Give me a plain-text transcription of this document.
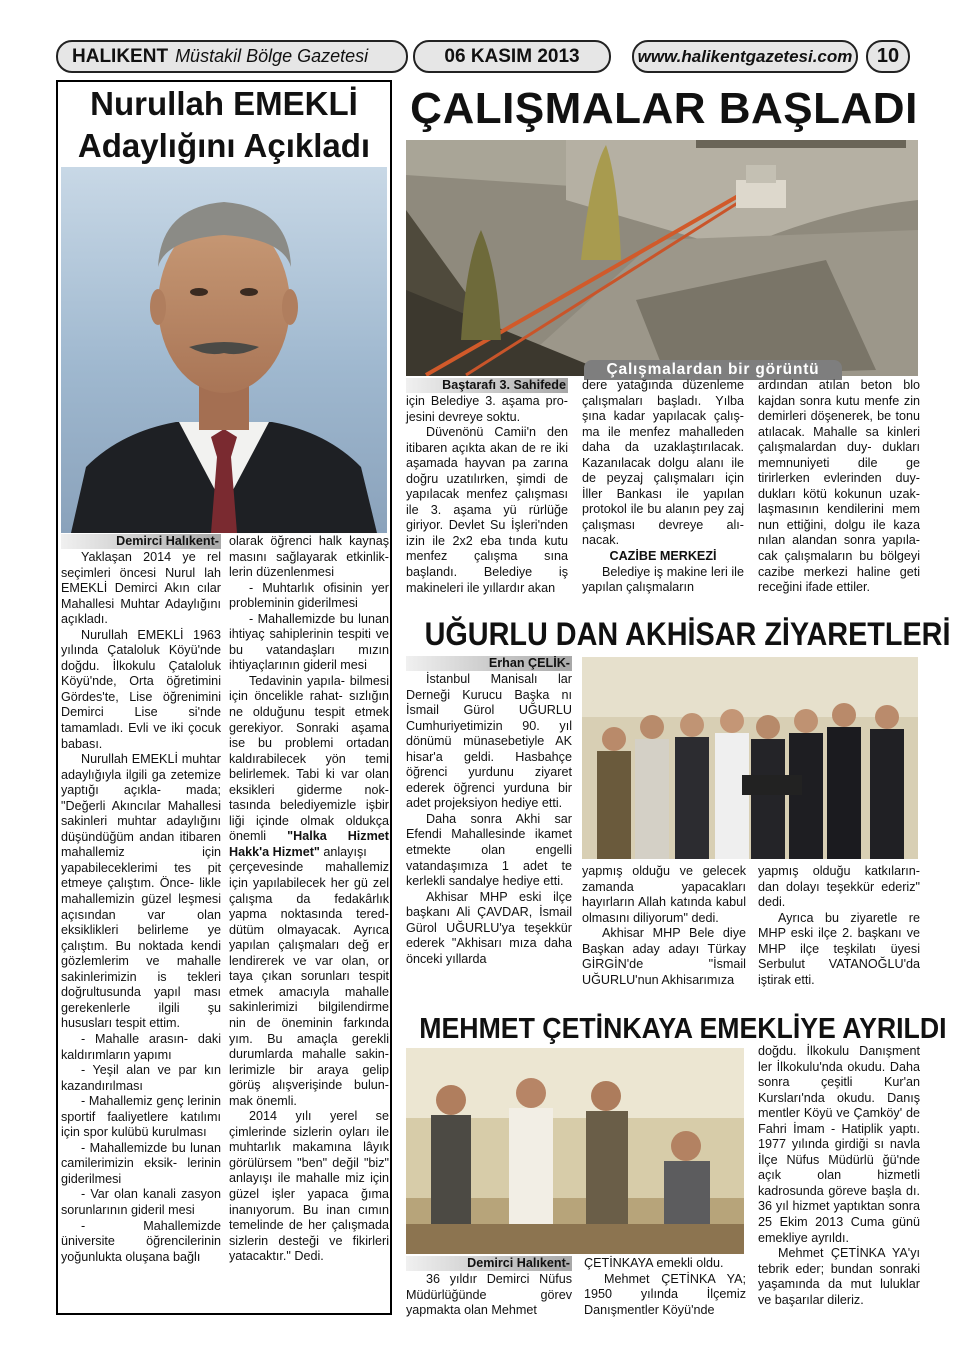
HALIKENT Müstakil Bölge Gazetesi	06 KASIM 2013	www.halikentgazetesi.com 10
Nurullah EMEKLİ
Adaylığını Açıkladı
Demirci Halıkent-

Yaklaşan 2014 ye rel seçimleri öncesi Nurul lah EMEKLİ Demirci Akın cılar Mahallesi Muhtar Adaylığını açıkladı.

Nurullah EMEKLİ 1963 yılında Çataloluk Köyü'nde doğdu. İlkokulu Çataloluk Köyü'nde, Orta öğretimini Gördes'te, Lise öğrenimini Demirci Lise si'nde tamamladı. Evli ve iki çocuk babası.

Nurullah EMEKLİ muhtar adaylığıyla ilgili ga zetemize yaptığı açıkla- mada; "Değerli Akıncılar Mahallesi sakinleri muhtar adaylığını düşündüğüm andan itibaren mahallemiz için yapabileceklerimi tes pit etmeye çalıştım. Önce- likle mahallemizin güzel leşmesi açısından var olan eksiklikleri belirleme ye çalıştım. Bu noktada kendi gözlemlerim ve mahalle sakinlerimizin is tekleri doğrultusunda yapıl ması gerekenlerle ilgili şu hususları tespit ettim.

- Mahalle arasın- daki kaldırımların yapımı

- Yeşil alan ve par kın kazandırılması

- Mahallemiz genç lerinin sportif faaliyetlere katılımı için spor kulübü kurulması

- Mahallemizde bu lunan camilerimizin eksik- lerinin giderilmesi

- Var olan kanali zasyon sorunlarının gideril mesi

- Mahallemizde üniversite öğrencilerinin yoğunlukta oluşana bağlı

olarak öğrenci halk kaynaş masını sağlayarak etkinlik- lerin düzenlenmesi

- Muhtarlık ofisinin yer probleminin giderilmesi

- Mahallemizde bu lunan ihtiyaç sahiplerinin tespiti ve bu vatandaşları mızın ihtiyaçlarının gideril mesi

Tedavinin yapıla- bilmesi için öncelikle rahat- sızlığın ne olduğunu tespit etmek gerekiyor. Sonraki aşama ise bu problemi ortadan kaldırabilecek yön temi belirlemek. Tabi ki var olan eksikleri giderme nok- tasında belediyemizle işbir liği içinde olmak oldukça önemli "Halka Hizmet Hakk'a Hizmet" anlayışı

çerçevesinde mahallemiz için yapılabilecek her gü zel çalışma da fedakârlık yapma noktasında tered- dütüm olmayacak. Ayrıca yapılan çalışmaları değ er lendirerek ve var olan, or taya çıkan sorunları tespit etmek amacıyla mahalle sakinlerimizi bilgilendirme nin de öneminin farkında yım. Bu amaçla gerekli durumlarda mahalle sakin- lerimizle bir araya gelip görüş alışverişinde bulun- mak önemli.

2014 yılı yerel se çimlerinde sizlerin oyları ile muhtarlık makamına lâyık görülürsem "ben" değil "biz" anlayışı ile mahalle miz için güzel işler yapaca ğıma inanıyorum. Bu inan cımın temelinde de her çalışmada sizlerin desteği ve fikirleri yatacaktır." Dedi.

ÇALIŞMALAR BAŞLADI
Çalışmalardan bir görüntü
Baştarafı 3. Sahifede

için Belediye 3. aşama pro- jesini devreye soktu.

Düvenönü Camii'n den itibaren açıkta akan de re iki aşamada hayvan pa zarına doğru uzatılırken, şimdi de yapılacak menfez çalışması ile 3. aşama yü rürlüğe giriyor. Devlet Su İşleri'nden izin ile 2x2 eba tında kutu menfez çalışma sına başlandı. Belediye iş makineleri ile yıllardır akan

dere yatağında düzenleme çalışmaları başladı. Yılba şına kadar yapılacak çalış- ma ile menfez mahalleden daha da uzaklaştırılacak. Kazanılacak dolgu alanı ile de peyzaj çalışmaları için İller Bankası ile yapılan protokol ile bu alanın pey zaj çalışması devreye alı- nacak.

CAZİBE MERKEZİ

Belediye iş makine leri ile yapılan çalışmaların

ardından atılan beton blo kajdan sonra kutu menfe zin demirleri döşenerek, be tonu atılacak. Mahalle sa kinleri çalışmalardan duy- dukları memnuniyeti dile ge tirirlerken evlerinden duy- dukları kötü kokunun uzak- laşmasının kendilerini mem nun ettiğini, dolgu ile kaza nılan alandan sonra yapıla- cak çalışmaların bu bölgeyi cazibe merkezi haline geti receğini ifade ettiler.

UĞURLU DAN AKHİSAR ZİYARETLERİ
Erhan ÇELİK-

İstanbul Manisalı lar Derneği Kurucu Başka nı İsmail Gürol UĞURLU Cumhuriyetimizin 90. yıl dönümü münasebetiyle AK hisar'a geldi. Hasbahçe öğrenci yurdunu ziyaret ederek öğrenci yurduna bir adet projeksiyon hediye etti.

Daha sonra Akhi sar Efendi Mahallesinde ikamet etmekte olan engelli vatandaşımıza 1 adet te kerlekli sandalye hediye etti.

Akhisar MHP eski ilçe başkanı Ali ÇAVDAR, İsmail Gürol UĞURLU'ya teşekkür ederek "Akhisarı mıza daha önceki yıllarda

yapmış olduğu ve gelecek zamanda yapacakları hayırların Allah katında kabul olmasını diliyorum" dedi.

Akhisar MHP Bele diye Başkan aday adayı Türkay GİRGİN'de "İsmail UĞURLU'nun Akhisarımıza

yapmış olduğu katkıların- dan dolayı teşekkür ederiz" dedi.

Ayrıca bu ziyaretle re MHP eski ilçe 2. başkanı ve MHP ilçe teşkilatı üyesi Serbulut VATANOĞLU'da iştirak etti.

MEHMET ÇETİNKAYA EMEKLİYE AYRILDI
Demirci Halıkent-

36 yıldır Demirci Nüfus Müdürlüğünde görev yapmakta olan Mehmet

ÇETİNKAYA emekli oldu.

Mehmet ÇETİNKA YA; 1950 yılında İlçemiz Danışmentler Köyü'nde

doğdu. İlkokulu Danışment ler İlkokulu'nda okudu. Daha sonra çeşitli Kur'an Kursları'nda okudu. Danış mentler Köyü ve Çamköy' de Fahri İmam - Hatiplik yaptı. 1977 yılında girdiği sı navla İlçe Nüfus Müdürlü ğü'nde açık olan hizmetli kadrosunda göreve başla dı. 36 yıl hizmet yaptıktan sonra 25 Ekim 2013 Cuma günü emekliye ayrıldı.

Mehmet ÇETİNKA YA'yı tebrik eder; bundan sonraki yaşamında da mut luluklar ve başarılar dileriz.
